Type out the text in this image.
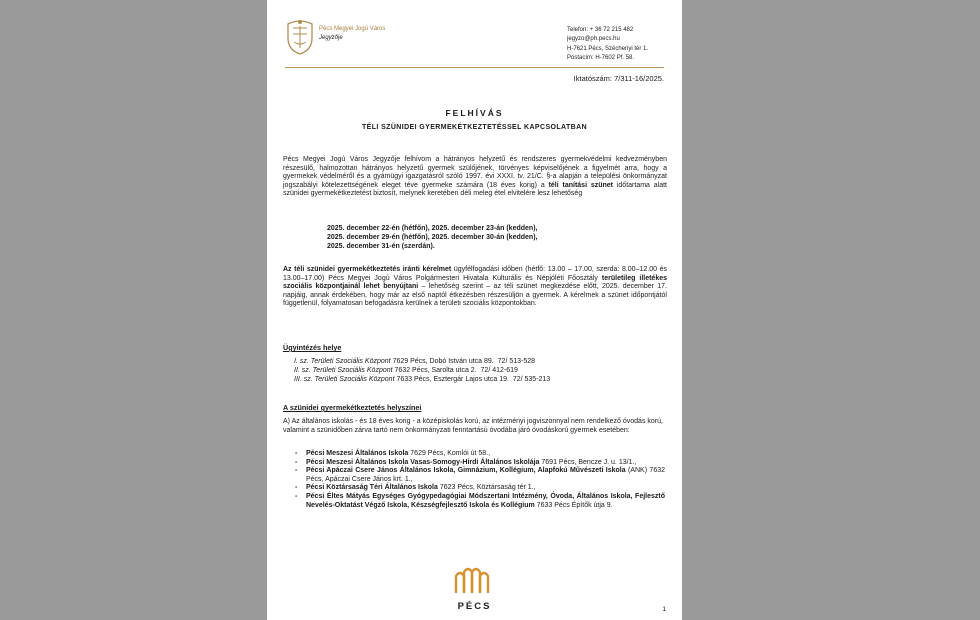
Pécs Megyei Jogú Város
Jegyzője
Telefon: + 36 72 215 482
jegyzo@ph.pecs.hu
H-7621 Pécs, Széchenyi tér 1.
Postacím: H-7602 Pf. 58.
Iktatószám: 7/311-16/2025.
FELHÍVÁS
TÉLI SZÜNIDEI GYERMEKÉTKEZTETÉSSEL KAPCSOLATBAN
Pécs Megyei Jogú Város Jegyzője felhívom a hátrányos helyzetű és rendszeres gyermekvédelmi kedvezményben részesülő, halmozottan hátrányos helyzetű gyermek szülőjének, törvényes képviselőjének a figyelmét arra, hogy a gyermekek védelméről és a gyámügyi igazgatásról szóló 1997. évi XXXI. tv. 21/C. §-a alapján a települési önkormányzat jogszabályi kötelezettségének eleget téve gyermeke számára (18 éves korig) a téli tanítási szünet időtartama alatt szünidei gyermekétkeztetést biztosít, melynek keretében déli meleg étel elvitelére lesz lehetőség
2025. december 22-én (hétfőn), 2025. december 23-án (kedden),
2025. december 29-én (hétfőn), 2025. december 30-án (kedden),
2025. december 31-én (szerdán).
Az téli szünidei gyermekétkeztetés iránti kérelmet ügyfélfogadási időben (hétfő: 13.00 – 17.00, szerda: 8.00–12.00 és 13.00–17.00) Pécs Megyei Jogú Város Polgármesteri Hivatala Kulturális és Népjóléti Főosztály területileg illetékes szociális központjainál lehet benyújtani – lehetőség szerint – az téli szünet megkezdése előtt, 2025. december 17. napjáig, annak érdekében, hogy már az első naptól étkezésben részesüljön a gyermek. A kérelmek a szünet időpontjától függetlenül, folyamatosan befogadásra kerülnek a területi szociális központokban.
Ügyintézés helye
I. sz. Területi Szociális Központ 7629 Pécs, Dobó István utca 89. 72/ 513-528
II. sz. Területi Szociális Központ 7632 Pécs, Sarolta utca 2. 72/ 412-619
III. sz. Területi Szociális Központ 7633 Pécs, Esztergár Lajos utca 19. 72/ 535-213
A szünidei gyermekétkeztetés helyszínei
A) Az általános iskolás - és 18 éves korig - a középiskolás korú, az intézményi jogviszonnyal nem rendelkező óvodás korú, valamint a szünidőben zárva tartó nem önkormányzati fenntartású óvodába járó óvodáskorú gyermek esetében:
- Pécsi Meszesi Általános Iskola 7629 Pécs, Komlói út 58.,
- Pécsi Meszesi Általános Iskola Vasas-Somogy-Hirdi Általános Iskolája 7691 Pécs, Bencze J. u. 13/1.,
- Pécsi Apáczai Csere János Általános Iskola, Gimnázium, Kollégium, Alapfokú Művészeti Iskola (ANK) 7632 Pécs, Apáczai Csere János krt. 1.,
- Pécsi Köztársaság Téri Általános Iskola 7623 Pécs, Köztársaság tér 1.,
- Pécsi Éltes Mátyás Egységes Gyógypedagógiai Módszertani Intézmény, Óvoda, Általános Iskola, Fejlesztő Nevelés-Oktatást Végző Iskola, Készségfejlesztő Iskola és Kollégium 7633 Pécs Építők útja 9.
PÉCS	1
